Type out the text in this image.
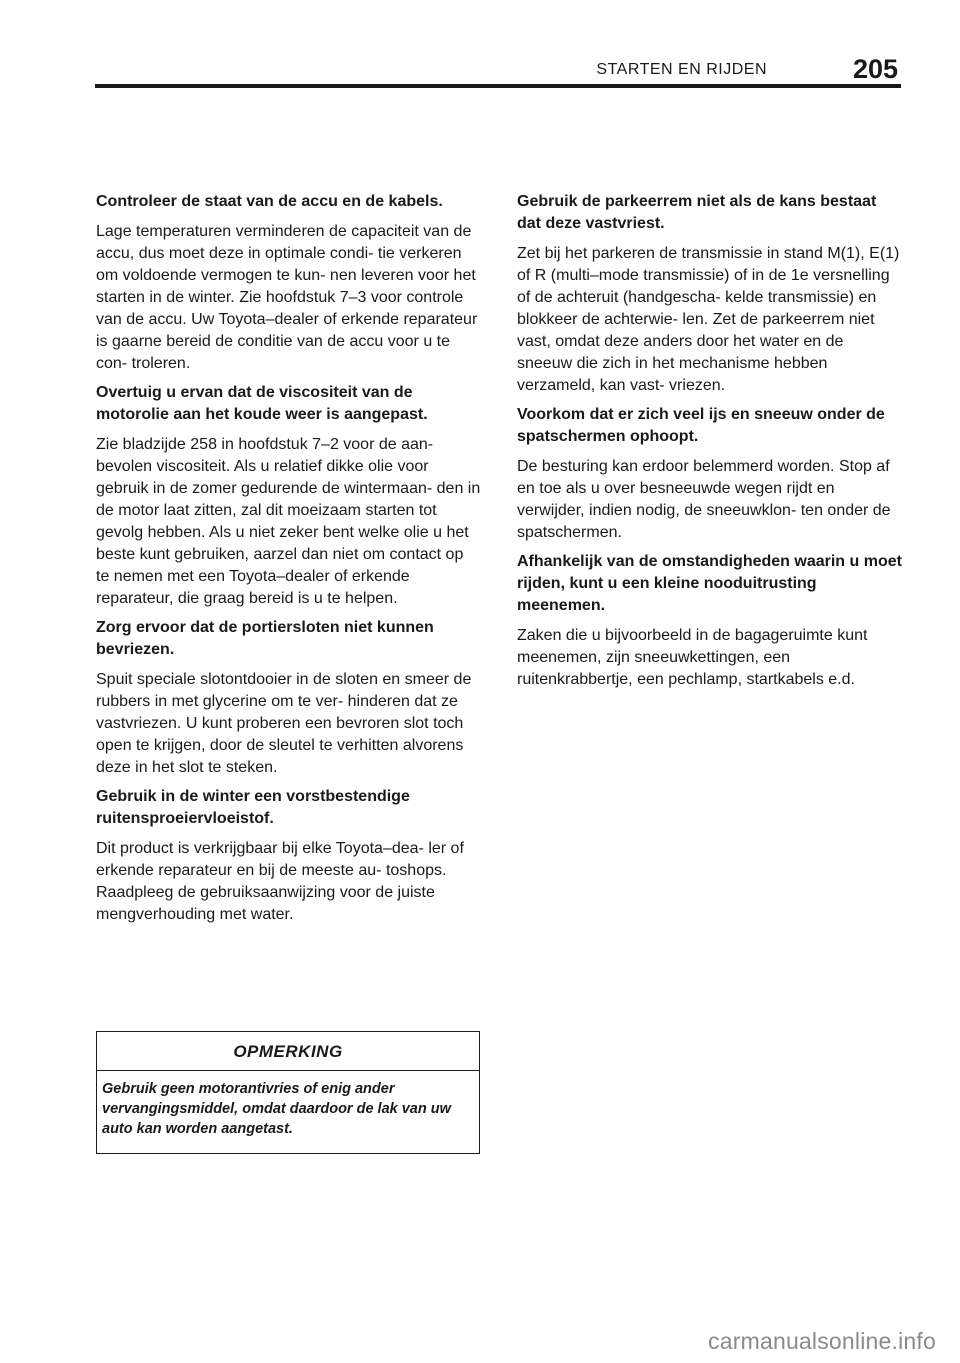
STARTEN EN RIJDEN	205

Controleer de staat van de accu en de kabels.

Lage temperaturen verminderen de capaciteit van de accu, dus moet deze in optimale condi- tie verkeren om voldoende vermogen te kun- nen leveren voor het starten in de winter. Zie hoofdstuk 7–3 voor controle van de accu. Uw Toyota–dealer of erkende reparateur is gaarne bereid de conditie van de accu voor u te con- troleren.

Overtuig u ervan dat de viscositeit van de motorolie aan het koude weer is aangepast.

Zie bladzijde 258 in hoofdstuk 7–2 voor de aan- bevolen viscositeit. Als u relatief dikke olie voor gebruik in de zomer gedurende de wintermaan- den in de motor laat zitten, zal dit moeizaam starten tot gevolg hebben. Als u niet zeker bent welke olie u het beste kunt gebruiken, aarzel dan niet om contact op te nemen met een Toyota–dealer of erkende reparateur, die graag bereid is u te helpen.

Zorg ervoor dat de portiersloten niet kunnen bevriezen.

Spuit speciale slotontdooier in de sloten en smeer de rubbers in met glycerine om te ver- hinderen dat ze vastvriezen. U kunt proberen een bevroren slot toch open te krijgen, door de sleutel te verhitten alvorens deze in het slot te steken.

Gebruik in de winter een vorstbestendige ruitensproeiervloeistof.

Dit product is verkrijgbaar bij elke Toyota–dea- ler of erkende reparateur en bij de meeste au- toshops. Raadpleeg de gebruiksaanwijzing voor de juiste mengverhouding met water.

OPMERKING
Gebruik geen motorantivries of enig ander vervangingsmiddel, omdat daardoor de lak van uw auto kan worden aangetast.

Gebruik de parkeerrem niet als de kans bestaat dat deze vastvriest.

Zet bij het parkeren de transmissie in stand M(1), E(1) of R (multi–mode transmissie) of in de 1e versnelling of de achteruit (handgescha- kelde transmissie) en blokkeer de achterwie- len. Zet de parkeerrem niet vast, omdat deze anders door het water en de sneeuw die zich in het mechanisme hebben verzameld, kan vast- vriezen.

Voorkom dat er zich veel ijs en sneeuw onder de spatschermen ophoopt.

De besturing kan erdoor belemmerd worden. Stop af en toe als u over besneeuwde wegen rijdt en verwijder, indien nodig, de sneeuwklon- ten onder de spatschermen.

Afhankelijk van de omstandigheden waarin u moet rijden, kunt u een kleine nooduitrusting meenemen.

Zaken die u bijvoorbeeld in de bagageruimte kunt meenemen, zijn sneeuwkettingen, een ruitenkrabbertje, een pechlamp, startkabels e.d.

carmanualsonline.info
